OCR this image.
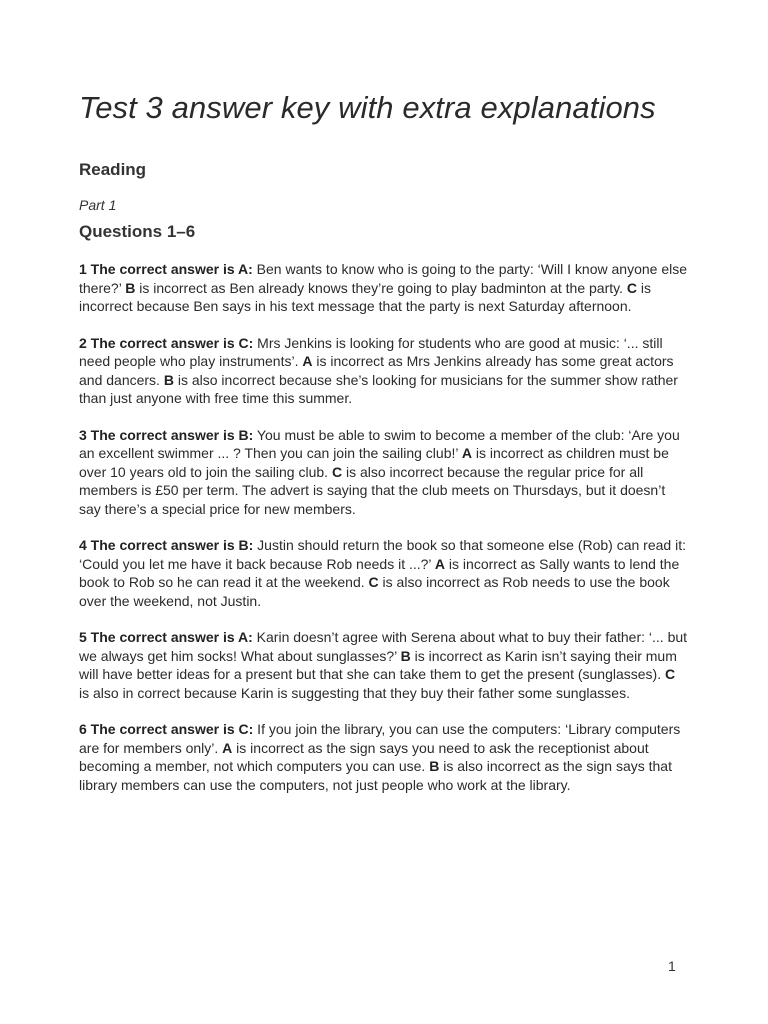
Test 3 answer key with extra explanations
Reading
Part 1
Questions 1–6

1 The correct answer is A: Ben wants to know who is going to the party: ‘Will I know anyone else there?’ B is incorrect as Ben already knows they’re going to play badminton at the party. C is incorrect because Ben says in his text message that the party is next Saturday afternoon.

2 The correct answer is C: Mrs Jenkins is looking for students who are good at music: ‘... still need people who play instruments’. A is incorrect as Mrs Jenkins already has some great actors and dancers. B is also incorrect because she’s looking for musicians for the summer show rather than just anyone with free time this summer.

3 The correct answer is B: You must be able to swim to become a member of the club: ‘Are you an excellent swimmer ... ? Then you can join the sailing club!’ A is incorrect as children must be over 10 years old to join the sailing club. C is also incorrect because the regular price for all members is £50 per term. The advert is saying that the club meets on Thursdays, but it doesn’t say there’s a special price for new members.

4 The correct answer is B: Justin should return the book so that someone else (Rob) can read it: ‘Could you let me have it back because Rob needs it ...?’ A is incorrect as Sally wants to lend the book to Rob so he can read it at the weekend. C is also incorrect as Rob needs to use the book over the weekend, not Justin.

5 The correct answer is A: Karin doesn’t agree with Serena about what to buy their father: ‘... but we always get him socks! What about sunglasses?’ B is incorrect as Karin isn’t saying their mum will have better ideas for a present but that she can take them to get the present (sunglasses). C is also in correct because Karin is suggesting that they buy their father some sunglasses.

6 The correct answer is C: If you join the library, you can use the computers: ‘Library computers are for members only’. A is incorrect as the sign says you need to ask the receptionist about becoming a member, not which computers you can use. B is also incorrect as the sign says that library members can use the computers, not just people who work at the library.

1
